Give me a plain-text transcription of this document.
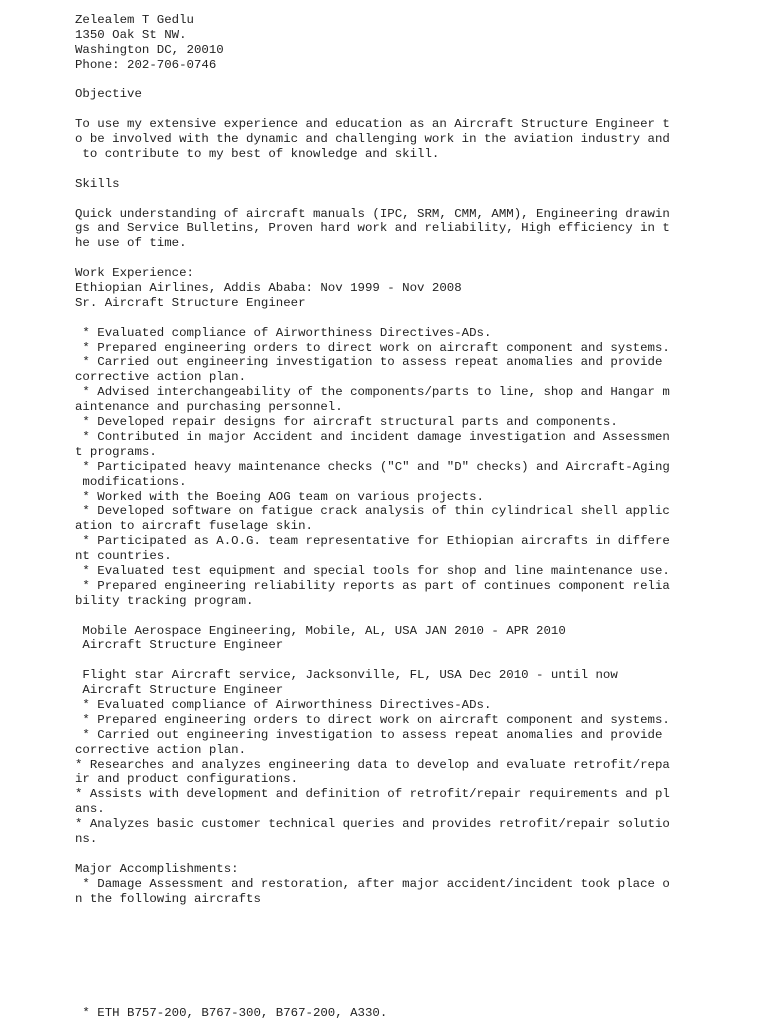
Zelealem T Gedlu
1350 Oak St NW.
Washington DC, 20010
Phone: 202-706-0746
Objective
To use my extensive experience and education as an Aircraft Structure Engineer t
o be involved with the dynamic and challenging work in the aviation industry and
to contribute to my best of knowledge and skill.
Skills
Quick understanding of aircraft manuals (IPC, SRM, CMM, AMM), Engineering drawin
gs and Service Bulletins, Proven hard work and reliability, High efficiency in t
he use of time.
Work Experience:
Ethiopian Airlines, Addis Ababa: Nov 1999 - Nov 2008
Sr. Aircraft Structure Engineer
* Evaluated compliance of Airworthiness Directives-ADs.
* Prepared engineering orders to direct work on aircraft component and systems.
* Carried out engineering investigation to assess repeat anomalies and provide
corrective action plan.
* Advised interchangeability of the components/parts to line, shop and Hangar m
aintenance and purchasing personnel.
* Developed repair designs for aircraft structural parts and components.
* Contributed in major Accident and incident damage investigation and Assessmen
t programs.
* Participated heavy maintenance checks ("C" and "D" checks) and Aircraft-Aging
modifications.
* Worked with the Boeing AOG team on various projects.
* Developed software on fatigue crack analysis of thin cylindrical shell applic
ation to aircraft fuselage skin.
* Participated as A.O.G. team representative for Ethiopian aircrafts in differe
nt countries.
* Evaluated test equipment and special tools for shop and line maintenance use.
* Prepared engineering reliability reports as part of continues component relia
bility tracking program.
Mobile Aerospace Engineering, Mobile, AL, USA JAN 2010 - APR 2010
Aircraft Structure Engineer
Flight star Aircraft service, Jacksonville, FL, USA Dec 2010 - until now
Aircraft Structure Engineer
* Evaluated compliance of Airworthiness Directives-ADs.
* Prepared engineering orders to direct work on aircraft component and systems.
* Carried out engineering investigation to assess repeat anomalies and provide
corrective action plan.
* Researches and analyzes engineering data to develop and evaluate retrofit/repa
ir and product configurations.
* Assists with development and definition of retrofit/repair requirements and pl
ans.
* Analyzes basic customer technical queries and provides retrofit/repair solutio
ns.
Major Accomplishments:
* Damage Assessment and restoration, after major accident/incident took place o
n the following aircrafts
* ETH B757-200, B767-300, B767-200, A330.
